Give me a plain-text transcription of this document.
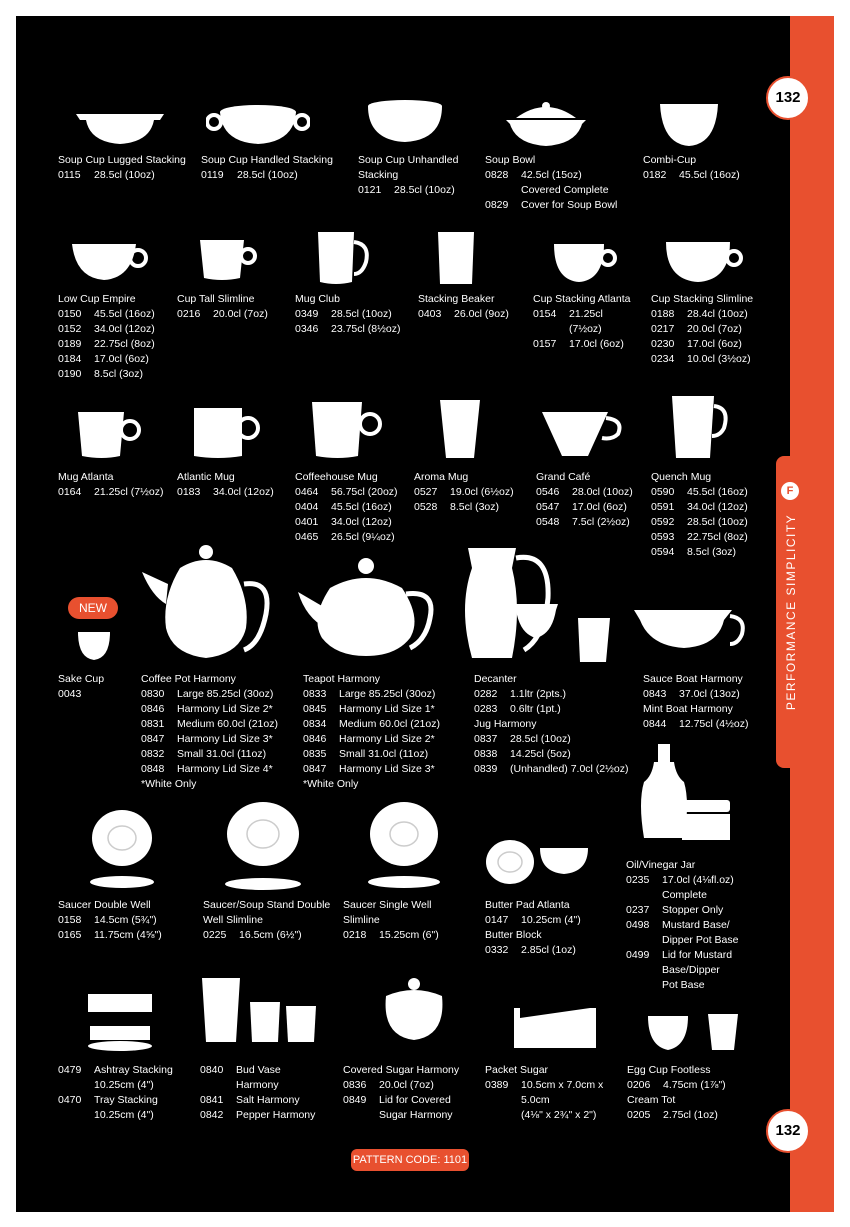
132
132
PERFORMANCE SIMPLICITY
F
NEW
PATTERN CODE: 1101
Soup Cup Lugged Stacking
0115	28.5cl (10oz)
Soup Cup Handled Stacking
0119	28.5cl (10oz)
Soup Cup Unhandled Stacking
0121	28.5cl (10oz)
Soup Bowl
0828	42.5cl (15oz)
Covered Complete
0829	Cover for Soup Bowl
Combi-Cup
0182	45.5cl (16oz)
Low Cup Empire
0150	45.5cl (16oz)
0152	34.0cl (12oz)
0189	22.75cl (8oz)
0184	17.0cl (6oz)
0190	8.5cl (3oz)
Cup Tall Slimline
0216	20.0cl (7oz)
Mug Club
0349	28.5cl (10oz)
0346	23.75cl (8½oz)
Stacking Beaker
0403	26.0cl (9oz)
Cup Stacking Atlanta
0154	21.25cl
(7½oz)
0157	17.0cl (6oz)
Cup Stacking Slimline
0188	28.4cl (10oz)
0217	20.0cl (7oz)
0230	17.0cl (6oz)
0234	10.0cl (3½oz)
Mug Atlanta
0164	21.25cl (7½oz)
Atlantic Mug
0183	34.0cl (12oz)
Coffeehouse Mug
0464	56.75cl (20oz)
0404	45.5cl (16oz)
0401	34.0cl (12oz)
0465	26.5cl (9¼oz)
Aroma Mug
0527	19.0cl (6½oz)
0528	8.5cl (3oz)
Grand Café
0546	28.0cl (10oz)
0547	17.0cl (6oz)
0548	7.5cl (2½oz)
Quench Mug
0590	45.5cl (16oz)
0591	34.0cl (12oz)
0592	28.5cl (10oz)
0593	22.75cl (8oz)
0594	8.5cl (3oz)
Sake Cup
0043
Coffee Pot Harmony
0830	Large 85.25cl (30oz)
0846	Harmony Lid Size 2*
0831	Medium 60.0cl (21oz)
0847	Harmony Lid Size 3*
0832	Small 31.0cl (11oz)
0848	Harmony Lid Size 4*
*White Only
Teapot Harmony
0833	Large 85.25cl (30oz)
0845	Harmony Lid Size 1*
0834	Medium 60.0cl (21oz)
0846	Harmony Lid Size 2*
0835	Small 31.0cl (11oz)
0847	Harmony Lid Size 3*
*White Only
Decanter
0282	1.1ltr (2pts.)
0283	0.6ltr (1pt.)
Jug Harmony
0837	28.5cl (10oz)
0838	14.25cl (5oz)
0839	(Unhandled) 7.0cl (2½oz)
Sauce Boat Harmony
0843	37.0cl (13oz)
Mint Boat Harmony
0844	12.75cl (4½oz)
Saucer Double Well
0158	14.5cm (5¾")
0165	11.75cm (4⅝")
Saucer/Soup Stand Double Well Slimline
0225	16.5cm (6½")
Saucer Single Well Slimline
0218	15.25cm (6")
Butter Pad Atlanta
0147	10.25cm (4")
Butter Block
0332	2.85cl (1oz)
Oil/Vinegar Jar
0235	17.0cl (4⅛fl.oz)
Complete
0237	Stopper Only
0498	Mustard Base/
Dipper Pot Base
0499	Lid for Mustard
Base/Dipper
Pot Base
0479	Ashtray Stacking
10.25cm (4")
0470	Tray Stacking
10.25cm (4")
0840	Bud Vase
Harmony
0841	Salt Harmony
0842	Pepper Harmony
Covered Sugar Harmony
0836	20.0cl (7oz)
0849	Lid for Covered
Sugar Harmony
Packet Sugar
0389	10.5cm x 7.0cm x
5.0cm
(4⅛" x 2¾" x 2")
Egg Cup Footless
0206	4.75cm (1⅞")
Cream Tot
0205	2.75cl (1oz)
